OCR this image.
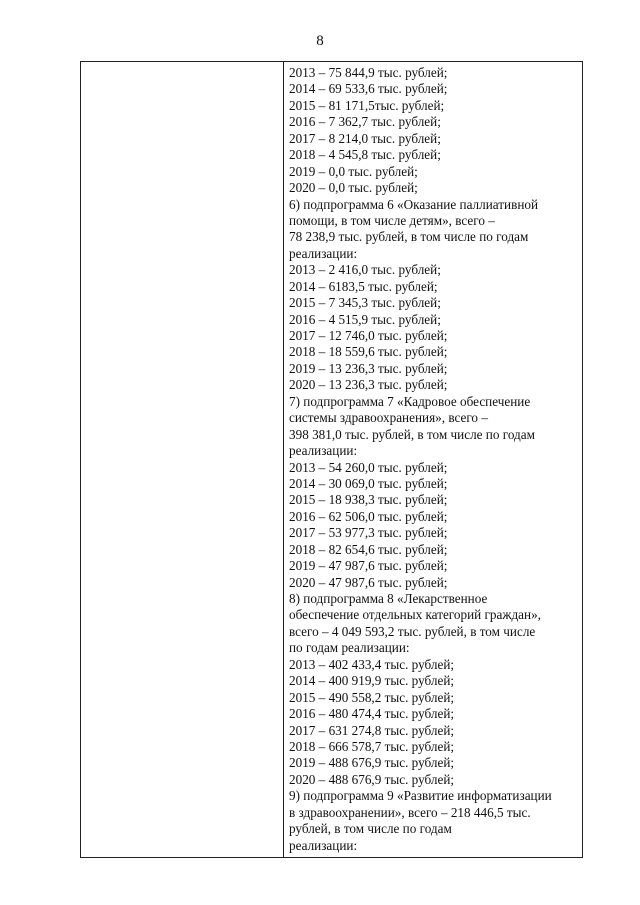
8
2013 – 75 844,9 тыс. рублей;
2014 – 69 533,6 тыс. рублей;
2015 – 81 171,5тыс. рублей;
2016 – 7 362,7 тыс. рублей;
2017 – 8 214,0 тыс. рублей;
2018 – 4 545,8 тыс. рублей;
2019 – 0,0 тыс. рублей;
2020 – 0,0 тыс. рублей;
6) подпрограмма 6 «Оказание паллиативной
помощи, в том числе детям», всего –
78 238,9 тыс. рублей, в том числе по годам
реализации:
2013 – 2 416,0 тыс. рублей;
2014 – 6183,5 тыс. рублей;
2015 – 7 345,3 тыс. рублей;
2016 – 4 515,9 тыс. рублей;
2017 – 12 746,0 тыс. рублей;
2018 – 18 559,6 тыс. рублей;
2019 – 13 236,3 тыс. рублей;
2020 – 13 236,3 тыс. рублей;
7) подпрограмма 7 «Кадровое обеспечение
системы здравоохранения», всего –
398 381,0 тыс. рублей, в том числе по годам
реализации:
2013 – 54 260,0 тыс. рублей;
2014 – 30 069,0 тыс. рублей;
2015 – 18 938,3 тыс. рублей;
2016 – 62 506,0 тыс. рублей;
2017 – 53 977,3 тыс. рублей;
2018 – 82 654,6 тыс. рублей;
2019 – 47 987,6 тыс. рублей;
2020 – 47 987,6 тыс. рублей;
8) подпрограмма 8 «Лекарственное
обеспечение отдельных категорий граждан»,
всего – 4 049 593,2 тыс. рублей, в том числе
по годам реализации:
2013 – 402 433,4 тыс. рублей;
2014 – 400 919,9 тыс. рублей;
2015 – 490 558,2 тыс. рублей;
2016 – 480 474,4 тыс. рублей;
2017 – 631 274,8 тыс. рублей;
2018 – 666 578,7 тыс. рублей;
2019 – 488 676,9 тыс. рублей;
2020 – 488 676,9 тыс. рублей;
9) подпрограмма 9 «Развитие информатизации
в здравоохранении», всего – 218 446,5 тыс.
рублей, в том числе по годам
реализации:
